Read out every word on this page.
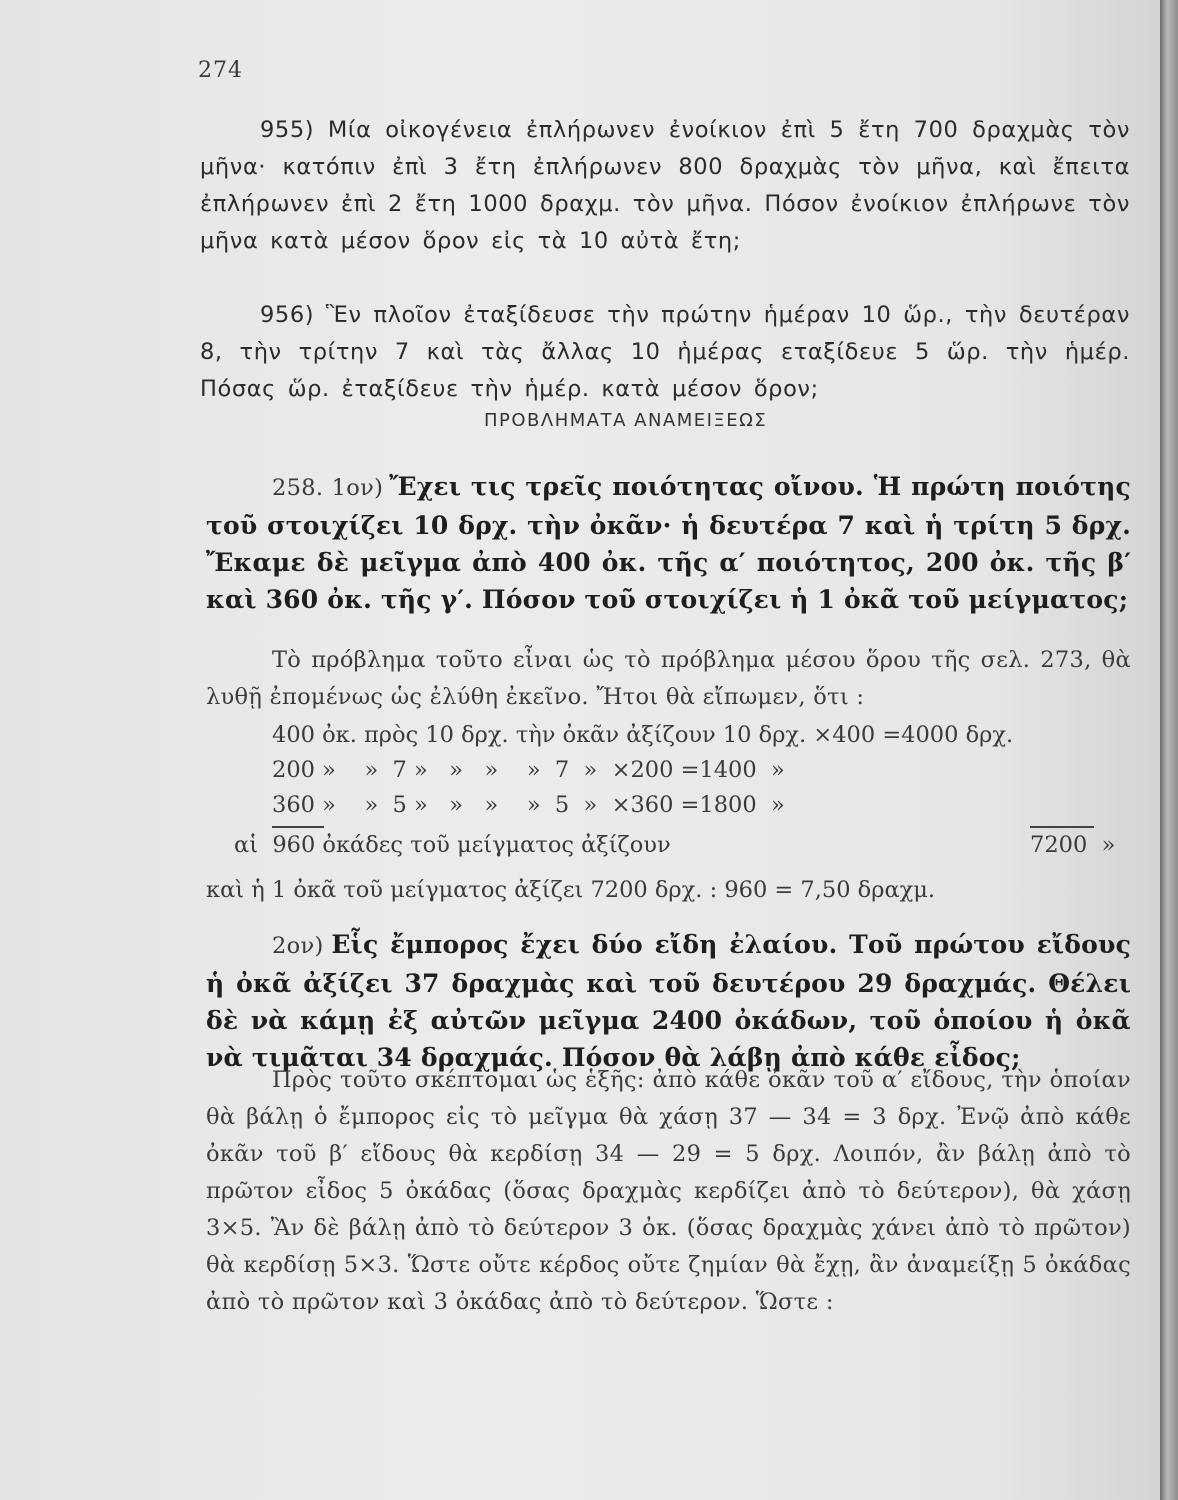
274
955) Μία οἰκογένεια ἐπλήρωνεν ἐνοίκιον ἐπὶ 5 ἔτη 700 δραχμὰς τὸν μῆνα· κατόπιν ἐπὶ 3 ἔτη ἐπλήρωνεν 800 δραχμὰς τὸν μῆνα, καὶ ἔπειτα ἐπλήρωνεν ἐπὶ 2 ἔτη 1000 δραχμ. τὸν μῆνα. Πόσον ἐνοίκιον ἐπλήρωνε τὸν μῆνα κατὰ μέσον ὅρον εἰς τὰ 10 αὐτὰ ἔτη;
956) Ἓν πλοῖον ἐταξίδευσε τὴν πρώτην ἡμέραν 10 ὥρ., τὴν δευτέραν 8, τὴν τρίτην 7 καὶ τὰς ἄλλας 10 ἡμέρας εταξίδευε 5 ὥρ. τὴν ἡμέρ. Πόσας ὥρ. ἐταξίδευε τὴν ἡμέρ. κατὰ μέσον ὅρον;
ΠΡΟΒΛΗΜΑΤΑ ΑΝΑΜΕΙΞΕΩΣ
258. 1ον) Ἔχει τις τρεῖς ποιότητας οἴνου. Ἡ πρώτη ποιότης τοῦ στοιχίζει 10 δρχ. τὴν ὀκᾶν· ἡ δευτέρα 7 καὶ ἡ τρίτη 5 δρχ. Ἔκαμε δὲ μεῖγμα ἀπὸ 400 ὀκ. τῆς α′ ποιότητος, 200 ὀκ. τῆς β′ καὶ 360 ὀκ. τῆς γ′. Πόσον τοῦ στοιχίζει ἡ 1 ὀκᾶ τοῦ μείγματος;
Τὸ πρόβλημα τοῦτο εἶναι ὡς τὸ πρόβλημα μέσου ὅρου τῆς σελ. 273, θὰ λυθῇ ἐπομένως ὡς ἐλύθη ἐκεῖνο. Ἤτοι θὰ εἴπωμεν, ὅτι :
400 ὀκ. πρὸς 10 δρχ. τὴν ὀκᾶν ἀξίζουν 10 δρχ. ×400 =4000 δρχ.
200 »    »  7 »   »   »    »  7  »  ×200 =1400  »
360 »    »  5 »   »   »    »  5  »  ×360 =1800  »
αἱ  960 ὀκάδες τοῦ μείγματος ἀξίζουν	7200  »
καὶ ἡ 1 ὀκᾶ τοῦ μείγματος ἀξίζει 7200 δρχ. : 960 = 7,50 δραχμ.
2ον) Εἷς ἔμπορος ἔχει δύο εἴδη ἐλαίου. Τοῦ πρώτου εἴδους ἡ ὀκᾶ ἀξίζει 37 δραχμὰς καὶ τοῦ δευτέρου 29 δραχμάς. Θέλει δὲ νὰ κάμῃ ἐξ αὐτῶν μεῖγμα 2400 ὀκάδων, τοῦ ὁποίου ἡ ὀκᾶ νὰ τιμᾶται 34 δραχμάς. Πόσον θὰ λάβῃ ἀπὸ κάθε εἶδος;
Πρὸς τοῦτο σκέπτομαι ὡς ἑξῆς: ἀπὸ κάθε ὀκᾶν τοῦ α′ εἴδους, τὴν ὁποίαν θὰ βάλῃ ὁ ἔμπορος εἰς τὸ μεῖγμα θὰ χάσῃ 37 — 34 = 3 δρχ. Ἐνῷ ἀπὸ κάθε ὀκᾶν τοῦ β′ εἴδους θὰ κερδίσῃ 34 — 29 = 5 δρχ. Λοιπόν, ἂν βάλῃ ἀπὸ τὸ πρῶτον εἶδος 5 ὀκάδας (ὅσας δραχμὰς κερδίζει ἀπὸ τὸ δεύτερον), θὰ χάσῃ 3×5. Ἂν δὲ βάλῃ ἀπὸ τὸ δεύτερον 3 ὀκ. (ὅσας δραχμὰς χάνει ἀπὸ τὸ πρῶτον) θὰ κερδίσῃ 5×3. Ὥστε οὔτε κέρδος οὔτε ζημίαν θὰ ἔχῃ, ἂν ἀναμείξῃ 5 ὀκάδας ἀπὸ τὸ πρῶτον καὶ 3 ὀκάδας ἀπὸ τὸ δεύτερον. Ὥστε :
